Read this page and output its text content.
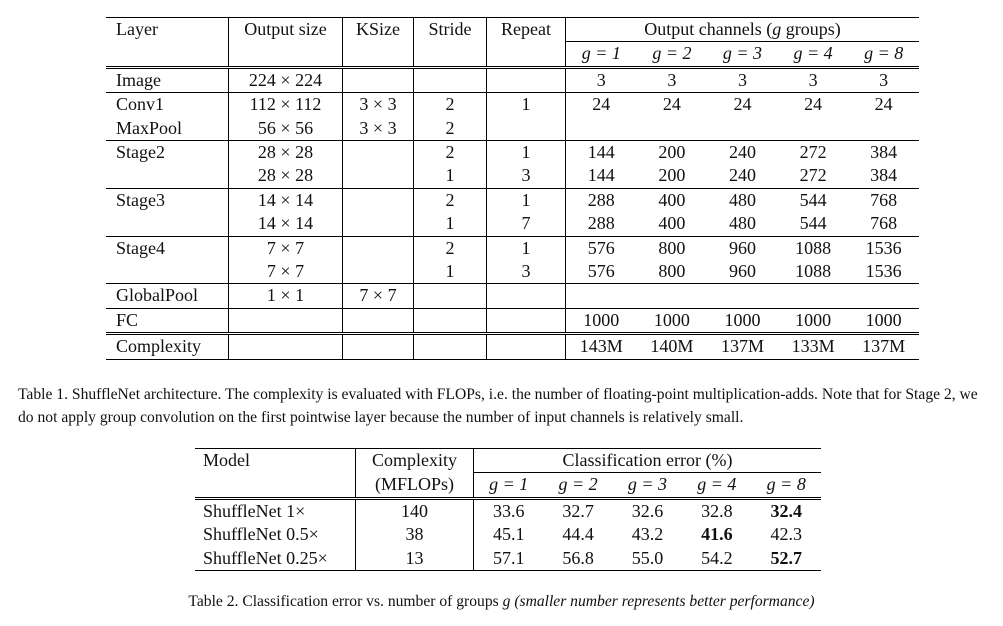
Layer	Output size	KSize	Stride	Repeat	Output channels (g groups)				
					g = 1	g = 2	g = 3	g = 4	g = 8
Image	224 × 224				3	3	3	3	3
Conv1	112 × 112	3 × 3	2	1	24	24	24	24	24
MaxPool	56 × 56	3 × 3	2						
Stage2	28 × 28		2	1	144	200	240	272	384
	28 × 28		1	3	144	200	240	272	384
Stage3	14 × 14		2	1	288	400	480	544	768
	14 × 14		1	7	288	400	480	544	768
Stage4	7 × 7		2	1	576	800	960	1088	1536
	7 × 7		1	3	576	800	960	1088	1536
GlobalPool	1 × 1	7 × 7							
FC					1000	1000	1000	1000	1000
Complexity					143M	140M	137M	133M	137M
Table 1. ShuffleNet architecture. The complexity is evaluated with FLOPs, i.e. the number of floating-point multiplication-adds. Note that for Stage 2, we do not apply group convolution on the first pointwise layer because the number of input channels is relatively small.
Model	Complexity	Classification error (%)				
	(MFLOPs)	g = 1	g = 2	g = 3	g = 4	g = 8
ShuffleNet 1×	140	33.6	32.7	32.6	32.8	32.4
ShuffleNet 0.5×	38	45.1	44.4	43.2	41.6	42.3
ShuffleNet 0.25×	13	57.1	56.8	55.0	54.2	52.7
Table 2. Classification error vs. number of groups g (smaller number represents better performance)
